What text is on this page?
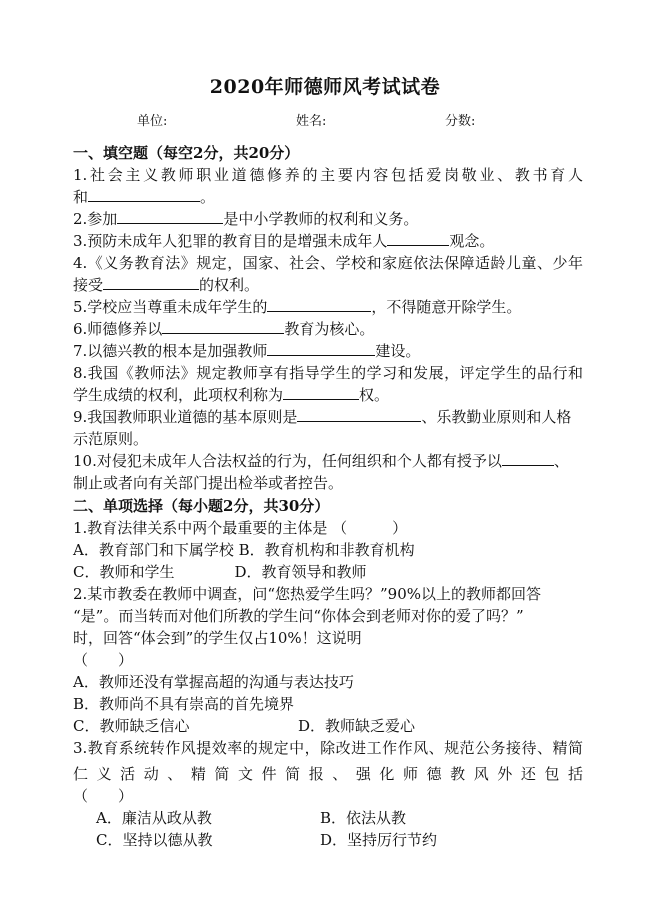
2020年师德师风考试试卷
单位:	姓名:	分数:
一、填空题（每空2分，共20分）
1.社会主义教师职业道德修养的主要内容包括爱岗敬业、教书育人
和	。
2.参加	是中小学教师的权利和义务。
3.预防未成年人犯罪的教育目的是增强未成年人	观念。
4.《义务教育法》规定，国家、社会、学校和家庭依法保障适龄儿童、少年
接受	的权利。
5.学校应当尊重未成年学生的	，不得随意开除学生。
6.师德修养以	教育为核心。
7.以德兴教的根本是加强教师	建设。
8.我国《教师法》规定教师享有指导学生的学习和发展，评定学生的品行和
学生成绩的权利，此项权利称为	权。
9.我国教师职业道德的基本原则是	、乐教勤业原则和人格
示范原则。
10.对侵犯未成年人合法权益的行为，任何组织和个人都有授予以	、
制止或者向有关部门提出检举或者控告。
二、单项选择（每小题2分，共30分）
1.教育法律关系中两个最重要的主体是 （　　　）
A．教育部门和下属学校 B．教育机构和非教育机构
C．教师和学生　　　　D．教育领导和教师
2.某市教委在教师中调查，问“您热爱学生吗？”90%以上的教师都回答
“是”。而当转而对他们所教的学生问“你体会到老师对你的爱了吗？”
时，回答“体会到”的学生仅占10%！这说明
（　　）
A．教师还没有掌握高超的沟通与表达技巧
B．教师尚不具有崇高的首先境界
C．教师缺乏信心	D．教师缺乏爱心
3.教育系统转作风提效率的规定中，除改进工作作风、规范公务接待、精简
仁义活动、精简文件简报、强化师德教风外还包括
（　　）
A．廉洁从政从教	B．依法从教
C．坚持以德从教	D．坚持厉行节约
